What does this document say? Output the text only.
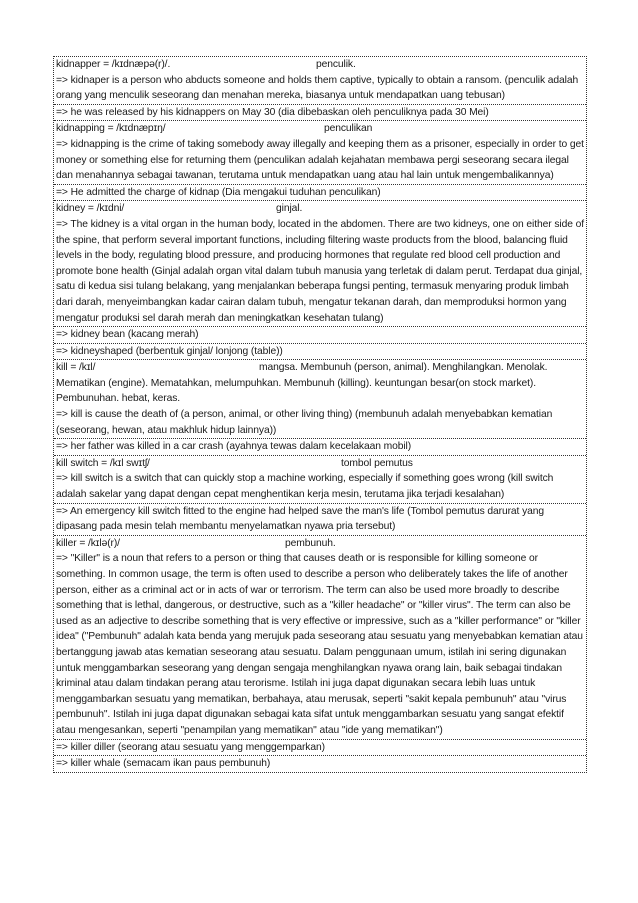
kidnapper = /kɪdnæpə(r)/.	penculik.
=> kidnaper is a person who abducts someone and holds them captive, typically to obtain a ransom. (penculik adalah orang yang menculik seseorang dan menahan mereka, biasanya untuk mendapatkan uang tebusan)
=> he was released by his kidnappers on May 30 (dia dibebaskan oleh penculiknya pada 30 Mei)
kidnapping = /kɪdnæpɪŋ/	penculikan
=> kidnapping is the crime of taking somebody away illegally and keeping them as a prisoner, especially in order to get money or something else for returning them (penculikan adalah kejahatan membawa pergi seseorang secara ilegal dan menahannya sebagai tawanan, terutama untuk mendapatkan uang atau hal lain untuk mengembalikannya)
=> He admitted the charge of kidnap (Dia mengakui tuduhan penculikan)
kidney = /kɪdni/	ginjal.
=> The kidney is a vital organ in the human body, located in the abdomen. There are two kidneys, one on either side of the spine, that perform several important functions, including filtering waste products from the blood, balancing fluid levels in the body, regulating blood pressure, and producing hormones that regulate red blood cell production and promote bone health (Ginjal adalah organ vital dalam tubuh manusia yang terletak di dalam perut. Terdapat dua ginjal, satu di kedua sisi tulang belakang, yang menjalankan beberapa fungsi penting, termasuk menyaring produk limbah dari darah, menyeimbangkan kadar cairan dalam tubuh, mengatur tekanan darah, dan memproduksi hormon yang mengatur produksi sel darah merah dan meningkatkan kesehatan tulang)
=> kidney bean (kacang merah)
=> kidneyshaped (berbentuk ginjal/ lonjong (table))
kill = /kɪl/	mangsa. Membunuh (person, animal). Menghilangkan. Menolak. Mematikan (engine). Mematahkan, melumpuhkan. Membunuh (killing). keuntungan besar(on stock market). Pembunuhan. hebat, keras.
=> kill is cause the death of (a person, animal, or other living thing) (membunuh adalah menyebabkan kematian (seseorang, hewan, atau makhluk hidup lainnya))
=> her father was killed in a car crash (ayahnya tewas dalam kecelakaan mobil)
kill switch = /kɪl swɪtʃ/	tombol pemutus
=> kill switch is a switch that can quickly stop a machine working, especially if something goes wrong (kill switch adalah sakelar yang dapat dengan cepat menghentikan kerja mesin, terutama jika terjadi kesalahan)
=> An emergency kill switch fitted to the engine had helped save the man's life (Tombol pemutus darurat yang dipasang pada mesin telah membantu menyelamatkan nyawa pria tersebut)
killer = /kɪlə(r)/	pembunuh.
=> "Killer" is a noun that refers to a person or thing that causes death or is responsible for killing someone or something. In common usage, the term is often used to describe a person who deliberately takes the life of another person, either as a criminal act or in acts of war or terrorism. The term can also be used more broadly to describe something that is lethal, dangerous, or destructive, such as a "killer headache" or "killer virus". The term can also be used as an adjective to describe something that is very effective or impressive, such as a "killer performance" or "killer idea" ("Pembunuh" adalah kata benda yang merujuk pada seseorang atau sesuatu yang menyebabkan kematian atau bertanggung jawab atas kematian seseorang atau sesuatu. Dalam penggunaan umum, istilah ini sering digunakan untuk menggambarkan seseorang yang dengan sengaja menghilangkan nyawa orang lain, baik sebagai tindakan kriminal atau dalam tindakan perang atau terorisme. Istilah ini juga dapat digunakan secara lebih luas untuk menggambarkan sesuatu yang mematikan, berbahaya, atau merusak, seperti "sakit kepala pembunuh" atau "virus pembunuh". Istilah ini juga dapat digunakan sebagai kata sifat untuk menggambarkan sesuatu yang sangat efektif atau mengesankan, seperti "penampilan yang mematikan" atau "ide yang mematikan")
=> killer diller (seorang atau sesuatu yang menggemparkan)
=> killer whale (semacam ikan paus pembunuh)
